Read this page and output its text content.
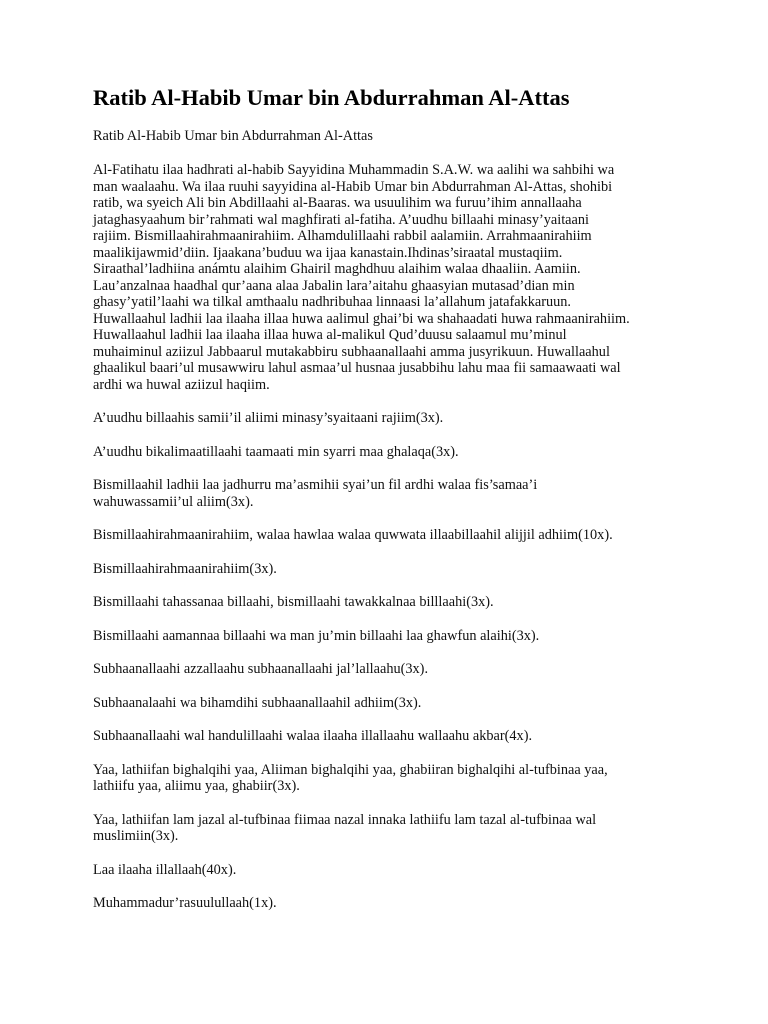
Ratib Al-Habib Umar bin Abdurrahman Al-Attas

Ratib Al-Habib Umar bin Abdurrahman Al-Attas

Al-Fatihatu ilaa hadhrati al-habib Sayyidina Muhammadin S.A.W. wa aalihi wa sahbihi wa
man waalaahu. Wa ilaa ruuhi sayyidina al-Habib Umar bin Abdurrahman Al-Attas, shohibi
ratib, wa syeich Ali bin Abdillaahi al-Baaras. wa usuulihim wa furuu’ihim annallaaha
jataghasyaahum bir’rahmati wal maghfirati al-fatiha. A’uudhu billaahi minasy’yaitaani
rajiim. Bismillaahirahmaanirahiim. Alhamdulillaahi rabbil aalamiin. Arrahmaanirahiim
maalikijawmid’diin. Ijaakana’buduu wa ijaa kanastain.Ihdinas’siraatal mustaqiim.
Siraathal’ladhiina anámtu alaihim Ghairil maghdhuu alaihim walaa dhaaliin. Aamiin.
Lau’anzalnaa haadhal qur’aana alaa Jabalin lara’aitahu ghaasyian mutasad’dian min
ghasy’yatil’laahi wa tilkal amthaalu nadhribuhaa linnaasi la’allahum jatafakkaruun.
Huwallaahul ladhii laa ilaaha illaa huwa aalimul ghai’bi wa shahaadati huwa rahmaanirahiim.
Huwallaahul ladhii laa ilaaha illaa huwa al-malikul Qud’duusu salaamul mu’minul
muhaiminul aziizul Jabbaarul mutakabbiru subhaanallaahi amma jusyrikuun. Huwallaahul
ghaalikul baari’ul musawwiru lahul asmaa’ul husnaa jusabbihu lahu maa fii samaawaati wal
ardhi wa huwal aziizul haqiim.

A’uudhu billaahis samii’il aliimi minasy’syaitaani rajiim(3x).

A’uudhu bikalimaatillaahi taamaati min syarri maa ghalaqa(3x).

Bismillaahil ladhii laa jadhurru ma’asmihii syai’un fil ardhi walaa fis’samaa’i
wahuwassamii’ul aliim(3x).

Bismillaahirahmaanirahiim, walaa hawlaa walaa quwwata illaabillaahil alijjil adhiim(10x).

Bismillaahirahmaanirahiim(3x).

Bismillaahi tahassanaa billaahi, bismillaahi tawakkalnaa billlaahi(3x).

Bismillaahi aamannaa billaahi wa man ju’min billaahi laa ghawfun alaihi(3x).

Subhaanallaahi azzallaahu subhaanallaahi jal’lallaahu(3x).

Subhaanalaahi wa bihamdihi subhaanallaahil adhiim(3x).

Subhaanallaahi wal handulillaahi walaa ilaaha illallaahu wallaahu akbar(4x).

Yaa, lathiifan bighalqihi yaa, Aliiman bighalqihi yaa, ghabiiran bighalqihi al-tufbinaa yaa,
lathiifu yaa, aliimu yaa, ghabiir(3x).

Yaa, lathiifan lam jazal al-tufbinaa fiimaa nazal innaka lathiifu lam tazal al-tufbinaa wal
muslimiin(3x).

Laa ilaaha illallaah(40x).

Muhammadur’rasuulullaah(1x).
